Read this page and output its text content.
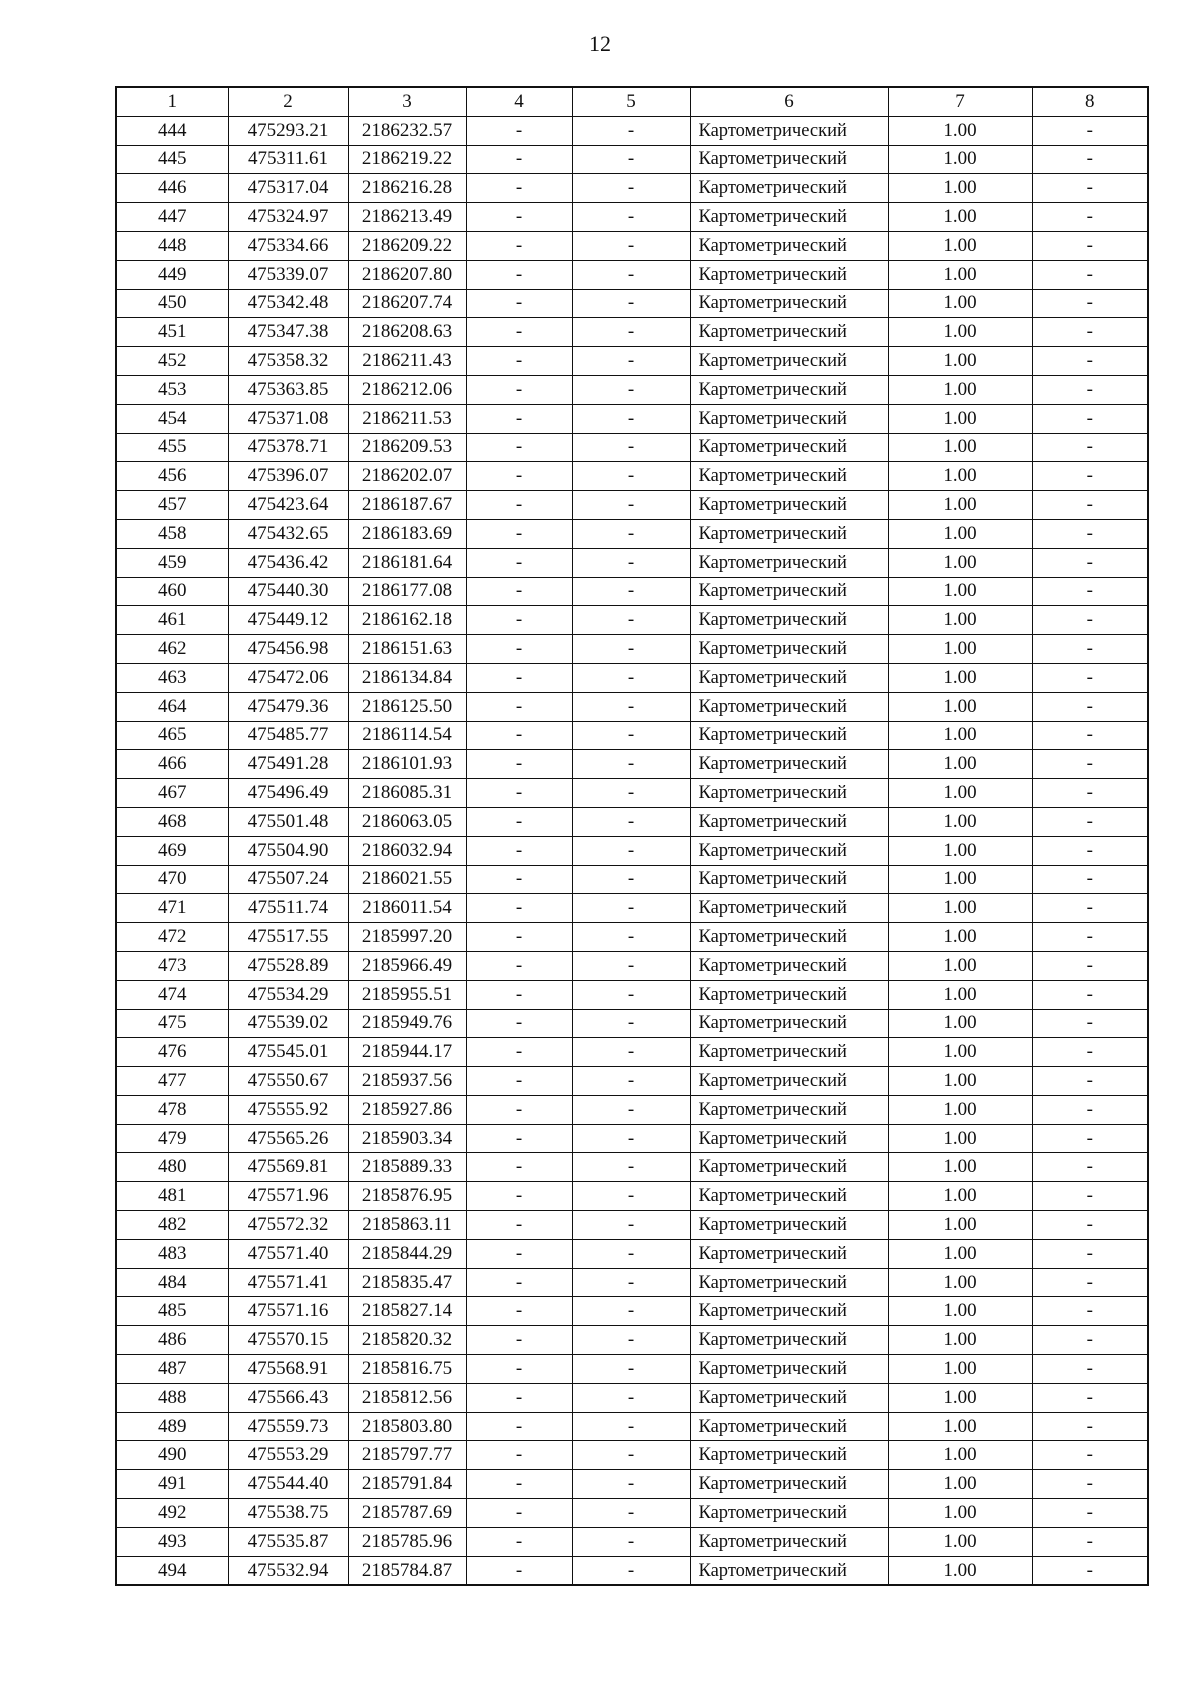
12
1	2	3	4	5	6	7	8
444	475293.21	2186232.57	-	-	Картометрический	1.00	-
445	475311.61	2186219.22	-	-	Картометрический	1.00	-
446	475317.04	2186216.28	-	-	Картометрический	1.00	-
447	475324.97	2186213.49	-	-	Картометрический	1.00	-
448	475334.66	2186209.22	-	-	Картометрический	1.00	-
449	475339.07	2186207.80	-	-	Картометрический	1.00	-
450	475342.48	2186207.74	-	-	Картометрический	1.00	-
451	475347.38	2186208.63	-	-	Картометрический	1.00	-
452	475358.32	2186211.43	-	-	Картометрический	1.00	-
453	475363.85	2186212.06	-	-	Картометрический	1.00	-
454	475371.08	2186211.53	-	-	Картометрический	1.00	-
455	475378.71	2186209.53	-	-	Картометрический	1.00	-
456	475396.07	2186202.07	-	-	Картометрический	1.00	-
457	475423.64	2186187.67	-	-	Картометрический	1.00	-
458	475432.65	2186183.69	-	-	Картометрический	1.00	-
459	475436.42	2186181.64	-	-	Картометрический	1.00	-
460	475440.30	2186177.08	-	-	Картометрический	1.00	-
461	475449.12	2186162.18	-	-	Картометрический	1.00	-
462	475456.98	2186151.63	-	-	Картометрический	1.00	-
463	475472.06	2186134.84	-	-	Картометрический	1.00	-
464	475479.36	2186125.50	-	-	Картометрический	1.00	-
465	475485.77	2186114.54	-	-	Картометрический	1.00	-
466	475491.28	2186101.93	-	-	Картометрический	1.00	-
467	475496.49	2186085.31	-	-	Картометрический	1.00	-
468	475501.48	2186063.05	-	-	Картометрический	1.00	-
469	475504.90	2186032.94	-	-	Картометрический	1.00	-
470	475507.24	2186021.55	-	-	Картометрический	1.00	-
471	475511.74	2186011.54	-	-	Картометрический	1.00	-
472	475517.55	2185997.20	-	-	Картометрический	1.00	-
473	475528.89	2185966.49	-	-	Картометрический	1.00	-
474	475534.29	2185955.51	-	-	Картометрический	1.00	-
475	475539.02	2185949.76	-	-	Картометрический	1.00	-
476	475545.01	2185944.17	-	-	Картометрический	1.00	-
477	475550.67	2185937.56	-	-	Картометрический	1.00	-
478	475555.92	2185927.86	-	-	Картометрический	1.00	-
479	475565.26	2185903.34	-	-	Картометрический	1.00	-
480	475569.81	2185889.33	-	-	Картометрический	1.00	-
481	475571.96	2185876.95	-	-	Картометрический	1.00	-
482	475572.32	2185863.11	-	-	Картометрический	1.00	-
483	475571.40	2185844.29	-	-	Картометрический	1.00	-
484	475571.41	2185835.47	-	-	Картометрический	1.00	-
485	475571.16	2185827.14	-	-	Картометрический	1.00	-
486	475570.15	2185820.32	-	-	Картометрический	1.00	-
487	475568.91	2185816.75	-	-	Картометрический	1.00	-
488	475566.43	2185812.56	-	-	Картометрический	1.00	-
489	475559.73	2185803.80	-	-	Картометрический	1.00	-
490	475553.29	2185797.77	-	-	Картометрический	1.00	-
491	475544.40	2185791.84	-	-	Картометрический	1.00	-
492	475538.75	2185787.69	-	-	Картометрический	1.00	-
493	475535.87	2185785.96	-	-	Картометрический	1.00	-
494	475532.94	2185784.87	-	-	Картометрический	1.00	-
